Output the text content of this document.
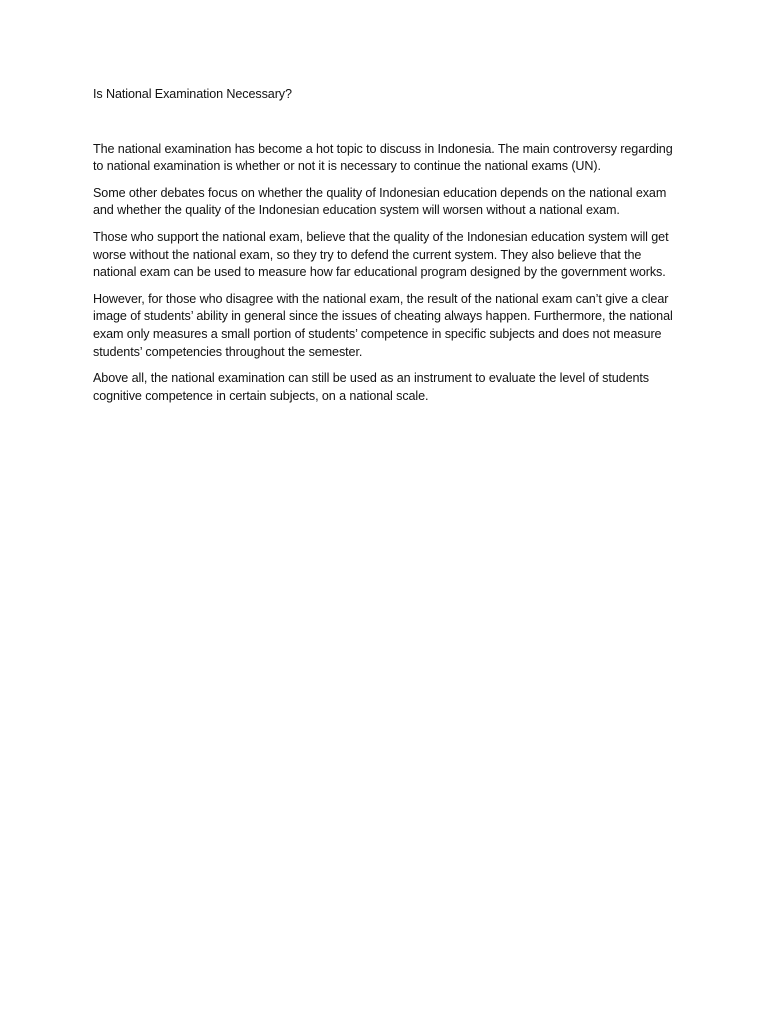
Is National Examination Necessary?

The national examination has become a hot topic to discuss in Indonesia. The main controversy regarding to national examination is whether or not it is necessary to continue the national exams (UN).

Some other debates focus on whether the quality of Indonesian education depends on the national exam and whether the quality of the Indonesian education system will worsen without a national exam.

Those who support the national exam, believe that the quality of the Indonesian education system will get worse without the national exam, so they try to defend the current system. They also believe that the national exam can be used to measure how far educational program designed by the government works.

However, for those who disagree with the national exam, the result of the national exam can’t give a clear image of students’ ability in general since the issues of cheating always happen. Furthermore, the national exam only measures a small portion of students’ competence in specific subjects and does not measure students’ competencies throughout the semester.

Above all, the national examination can still be used as an instrument to evaluate the level of students cognitive competence in certain subjects, on a national scale.
